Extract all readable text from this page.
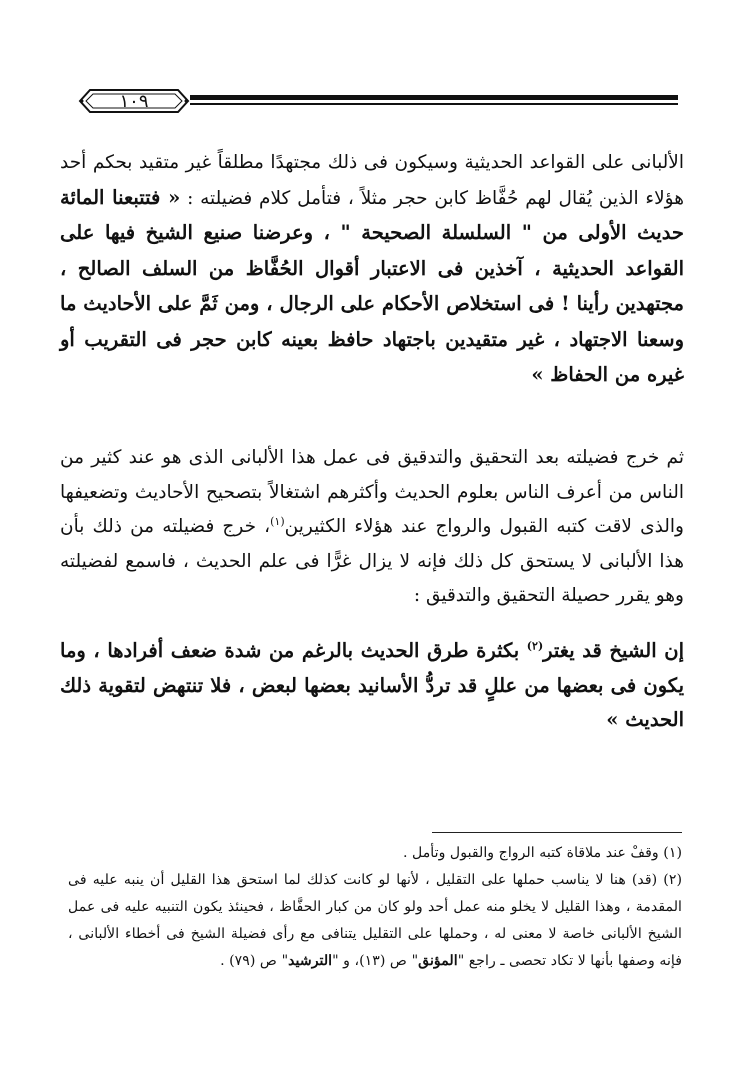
١٠٩

الألبانى على القواعد الحديثية وسيكون فى ذلك مجتهدًا مطلقاً غير متقيد بحكم أحد هؤلاء الذين يُقال لهم حُفَّاظ كابن حجر مثلاً ، فتأمل كلام فضيلته : « فتتبعنا المائة حديث الأولى من " السلسلة الصحيحة " ، وعرضنا صنيع الشيخ فيها على القواعد الحديثية ، آخذين فى الاعتبار أقوال الحُفَّاظ من السلف الصالح ، مجتهدين رأينا ! فى استخلاص الأحكام على الرجال ، ومن ثَمَّ على الأحاديث ما وسعنا الاجتهاد ، غير متقيدين باجتهاد حافظ بعينه كابن حجر فى التقريب أو غيره من الحفاظ »

ثم خرج فضيلته بعد التحقيق والتدقيق فى عمل هذا الألبانى الذى هو عند كثير من الناس من أعرف الناس بعلوم الحديث وأكثرهم اشتغالاً بتصحيح الأحاديث وتضعيفها والذى لاقت كتبه القبول والرواج عند هؤلاء الكثيرين$^{(١)}$، خرج فضيلته من ذلك بأن هذا الألبانى لا يستحق كل ذلك فإنه لا يزال غرًّا فى علم الحديث ، فاسمع لفضيلته وهو يقرر حصيلة التحقيق والتدقيق :

إن الشيخ قد يغتر$^{(٢)}$ بكثرة طرق الحديث بالرغم من شدة ضعف أفرادها ، وما يكون فى بعضها من عللٍ قد تردُّ الأسانيد بعضها لبعض ، فلا تنتهض لتقوية ذلك الحديث »

(١) وقفْ عند ملاقاة كتبه الرواج والقبول وتأمل .

(٢) (قد) هنا لا يناسب حملها على التقليل ، لأنها لو كانت كذلك لما استحق هذا القليل أن ينبه عليه فى المقدمة ، وهذا القليل لا يخلو منه عمل أحد ولو كان من كبار الحفَّاظ ، فحينئذ يكون التنبيه عليه فى عمل الشيخ الألبانى خاصة لا معنى له ، وحملها على التقليل يتنافى مع رأى فضيلة الشيخ فى أخطاء الألبانى ، فإنه وصفها بأنها لا تكاد تحصى ـ راجع "المؤنق" ص (١٣)، و "الترشيد" ص (٧٩) .
